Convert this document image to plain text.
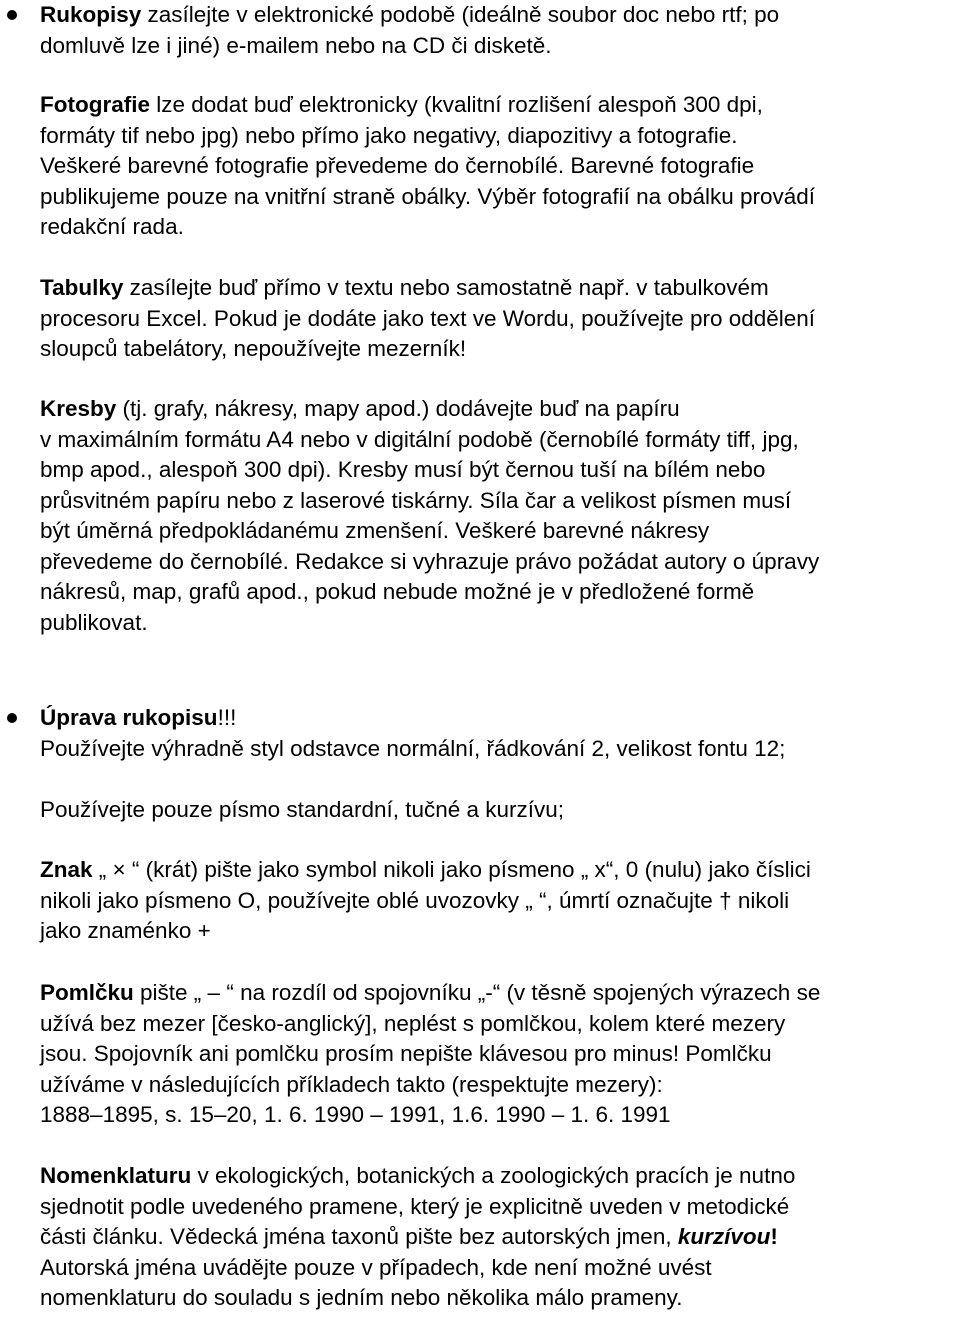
Rukopisy zasílejte v elektronické podobě (ideálně soubor doc nebo rtf; po
domluvě lze i jiné) e-mailem nebo na CD či disketě.
Fotografie lze dodat buď elektronicky (kvalitní rozlišení alespoň 300 dpi,
formáty tif nebo jpg) nebo přímo jako negativy, diapozitivy a fotografie.
Veškeré barevné fotografie převedeme do černobílé. Barevné fotografie
publikujeme pouze na vnitřní straně obálky. Výběr fotografií na obálku provádí
redakční rada.
Tabulky zasílejte buď přímo v textu nebo samostatně např. v tabulkovém
procesoru Excel. Pokud je dodáte jako text ve Wordu, používejte pro oddělení
sloupců tabelátory, nepoužívejte mezerník!
Kresby (tj. grafy, nákresy, mapy apod.) dodávejte buď na papíru
v maximálním formátu A4 nebo v digitální podobě (černobílé formáty tiff, jpg,
bmp apod., alespoň 300 dpi). Kresby musí být černou tuší na bílém nebo
průsvitném papíru nebo z laserové tiskárny. Síla čar a velikost písmen musí
být úměrná předpokládanému zmenšení. Veškeré barevné nákresy
převedeme do černobílé. Redakce si vyhrazuje právo požádat autory o úpravy
nákresů, map, grafů apod., pokud nebude možné je v předložené formě
publikovat.
Úprava rukopisu!!!
Používejte výhradně styl odstavce normální, řádkování 2, velikost fontu 12;
Používejte pouze písmo standardní, tučné a kurzívu;
Znak „ × “ (krát) pište jako symbol nikoli jako písmeno „ x“, 0 (nulu) jako číslici
nikoli jako písmeno O, používejte oblé uvozovky „ “, úmrtí označujte † nikoli
jako znaménko +
Pomlčku pište „ – “ na rozdíl od spojovníku „-“ (v těsně spojených výrazech se
užívá bez mezer [česko-anglický], neplést s pomlčkou, kolem které mezery
jsou. Spojovník ani pomlčku prosím nepište klávesou pro minus! Pomlčku
užíváme v následujících příkladech takto (respektujte mezery):
1888–1895, s. 15–20, 1. 6. 1990 – 1991, 1.6. 1990 – 1. 6. 1991
Nomenklaturu v ekologických, botanických a zoologických pracích je nutno
sjednotit podle uvedeného pramene, který je explicitně uveden v metodické
části článku. Vědecká jména taxonů pište bez autorských jmen, kurzívou!
Autorská jména uvádějte pouze v případech, kde není možné uvést
nomenklaturu do souladu s jedním nebo několika málo prameny.
